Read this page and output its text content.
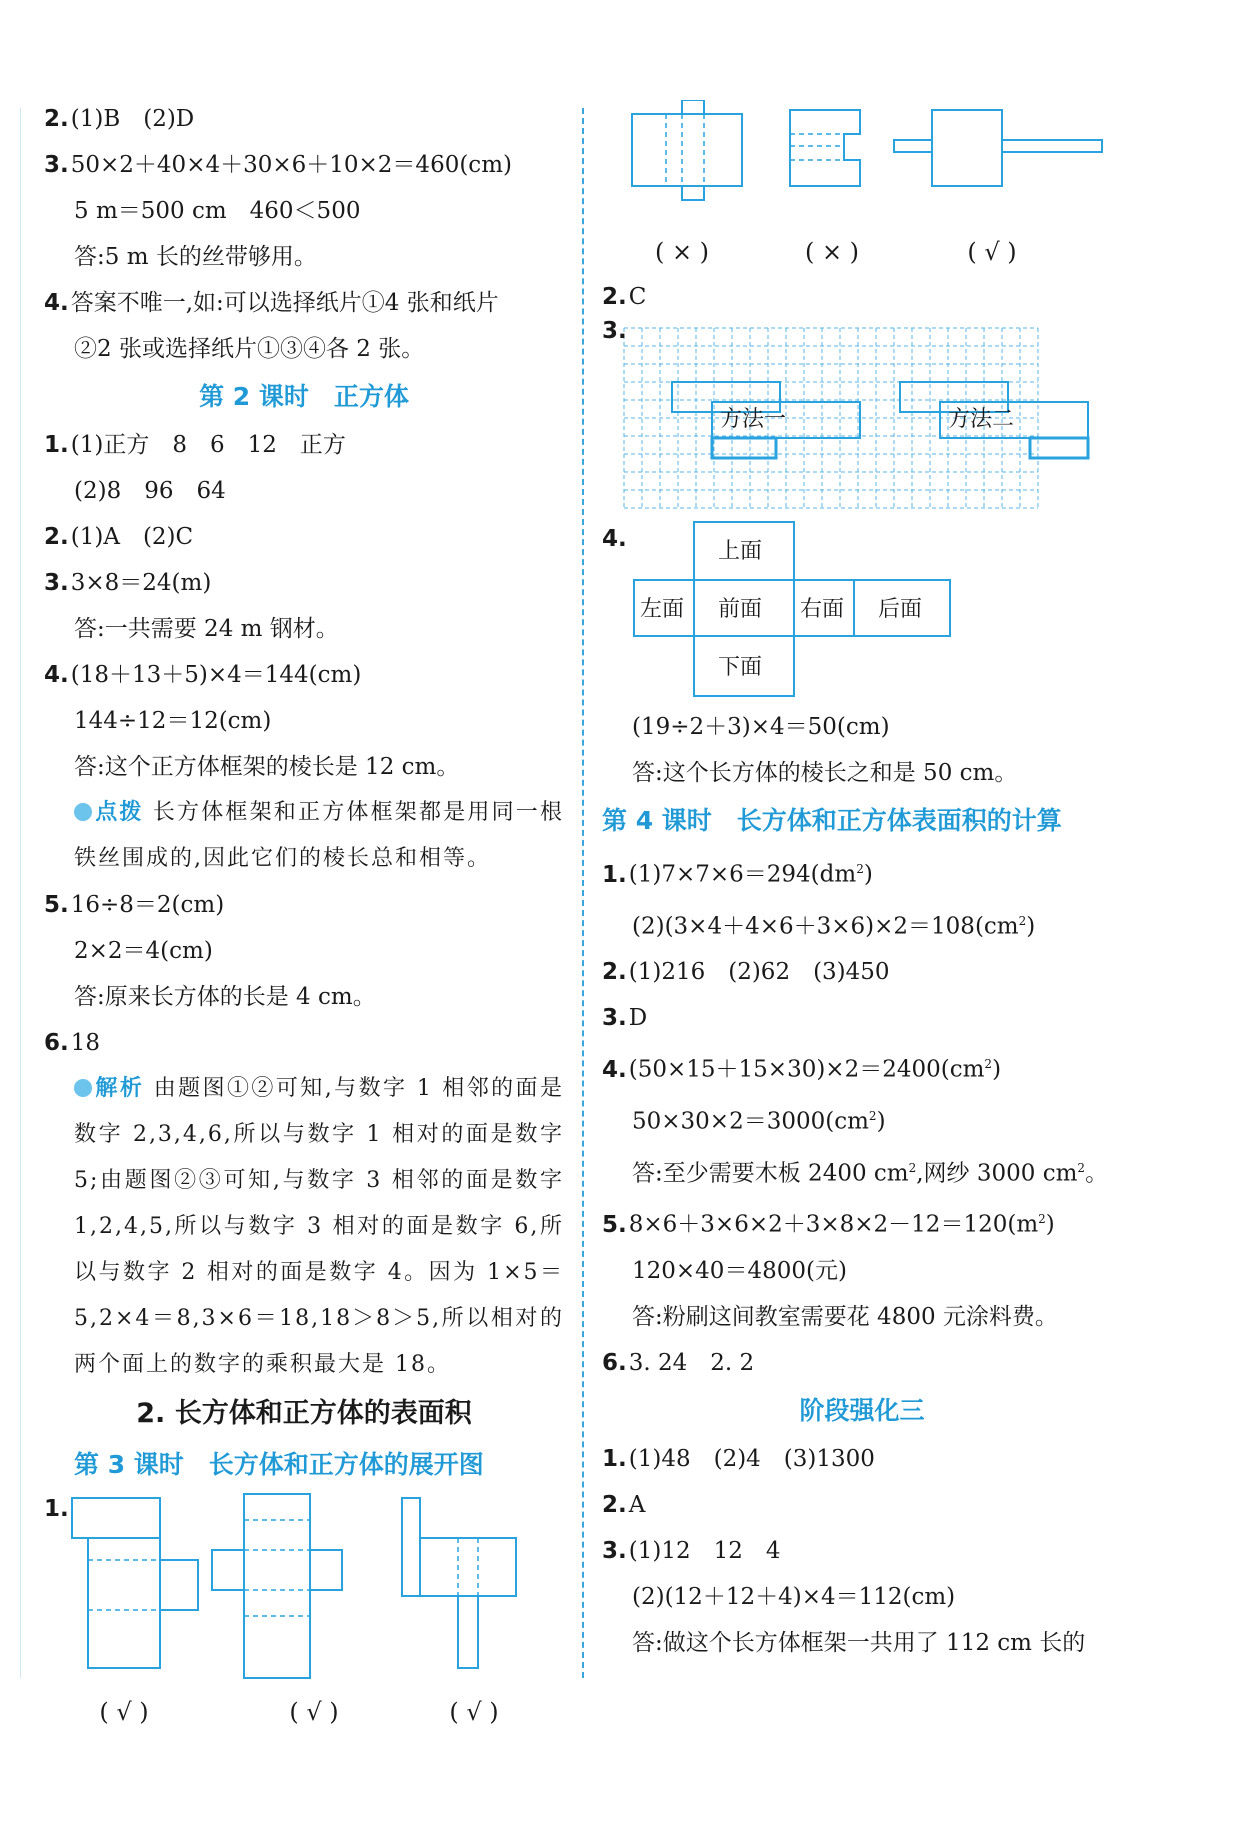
2.(1)B　(2)D
3.50×2＋40×4＋30×6＋10×2＝460(cm)
5 m＝500 cm　460＜500
答:5 m 长的丝带够用。
4.答案不唯一,如:可以选择纸片①4 张和纸片
②2 张或选择纸片①③④各 2 张。
第 2 课时　正方体
1.(1)正方　8　6　12　正方
(2)8　96　64
2.(1)A　(2)C
3.3×8＝24(m)
答:一共需要 24 m 钢材。
4.(18＋13＋5)×4＝144(cm)
144÷12＝12(cm)
答:这个正方体框架的棱长是 12 cm。
点拨 长方体框架和正方体框架都是用同一根铁丝围成的,因此它们的棱长总和相等。
5.16÷8＝2(cm)
2×2＝4(cm)
答:原来长方体的长是 4 cm。
6.18
解析 由题图①②可知,与数字 1 相邻的面是数字 2,3,4,6,所以与数字 1 相对的面是数字 5;由题图②③可知,与数字 3 相邻的面是数字 1,2,4,5,所以与数字 3 相对的面是数字 6,所以与数字 2 相对的面是数字 4。因为 1×5＝5,2×4＝8,3×6＝18,18＞8＞5,所以相对的两个面上的数字的乘积最大是 18。
2. 长方体和正方体的表面积
第 3 课时　长方体和正方体的展开图
1.
( √ )	( √ )	( √ )
( × )	( × )	( √ )
2.C
3.
方法一	方法二
4.	上面
左面 前面 右面 后面
下面
(19÷2＋3)×4＝50(cm)
答:这个长方体的棱长之和是 50 cm。
第 4 课时　长方体和正方体表面积的计算
$1.(1)7\times 7\times 6=294(dm^2)$
$(2)(3\times 4+4\times 6+3\times 6)\times 2=108(cm^2)$
2.(1)216　(2)62　(3)450
3.D
$4.(50\times 15+15\times 30)\times 2=2400(cm^2)$
$50\times 30\times 2=3000(cm^2)$
答:至少需要木板 2400 $cm^2$,网纱 3000 $cm^2$。
$5.8\times 6+3\times 6\times 2+3\times 8\times 2-12=120(m^2)$
120×40＝4800(元)
答:粉刷这间教室需要花 4800 元涂料费。
6.3. 24　2. 2
阶段强化三
1.(1)48　(2)4　(3)1300
2.A
3.(1)12　12　4
(2)(12＋12＋4)×4＝112(cm)
答:做这个长方体框架一共用了 112 cm 长的
